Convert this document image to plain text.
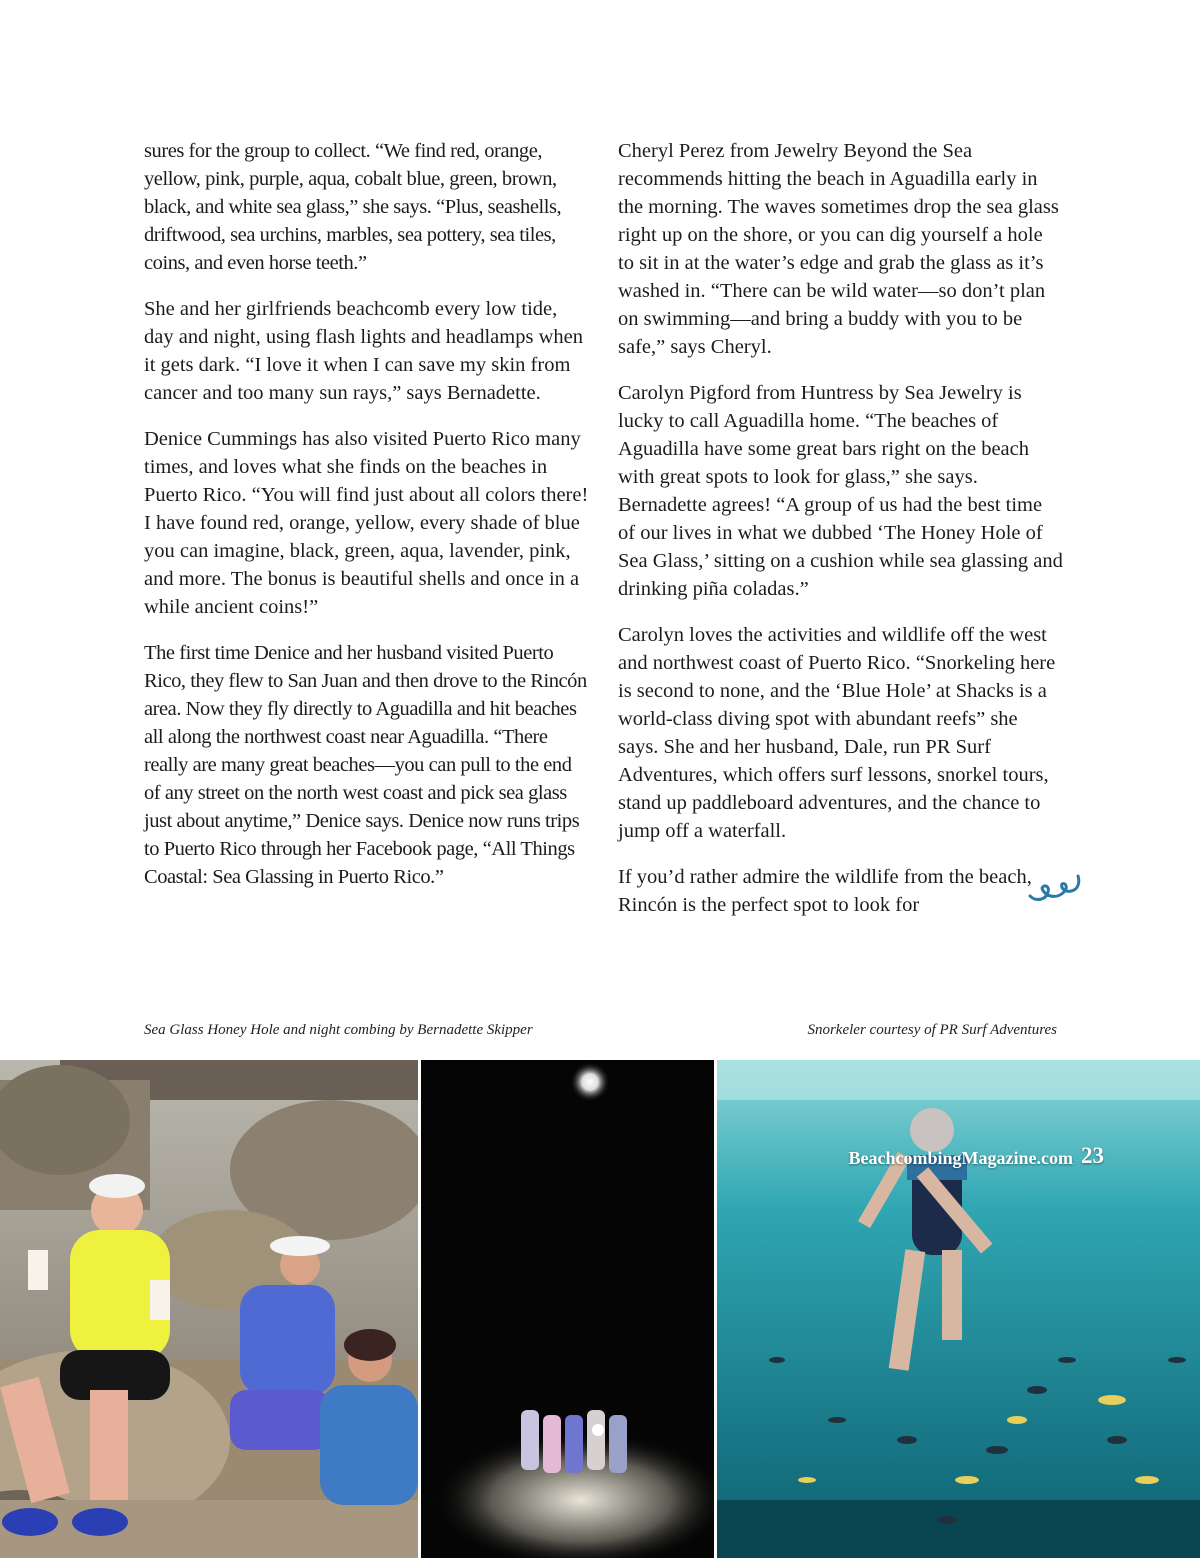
sures for the group to collect. “We find red, orange, yellow, pink, purple, aqua, cobalt blue, green, brown, black, and white sea glass,” she says. “Plus, seashells, driftwood, sea urchins, marbles, sea pottery, sea tiles, coins, and even horse teeth.”

She and her girlfriends beachcomb every low tide, day and night, using flash lights and headlamps when it gets dark. “I love it when I can save my skin from cancer and too many sun rays,” says Bernadette.

Denice Cummings has also visited Puerto Rico many times, and loves what she finds on the beaches in Puerto Rico. “You will find just about all colors there! I have found red, orange, yellow, every shade of blue you can imagine, black, green, aqua, lavender, pink, and more. The bonus is beautiful shells and once in a while ancient coins!”

The first time Denice and her husband visited Puerto Rico, they flew to San Juan and then drove to the Rincón area. Now they fly directly to Aguadilla and hit beaches all along the northwest coast near Aguadilla. “There really are many great beaches—you can pull to the end of any street on the north west coast and pick sea glass just about anytime,” Denice says. Denice now runs trips to Puerto Rico through her Facebook page, “All Things Coastal: Sea Glassing in Puerto Rico.”

Cheryl Perez from Jewelry Beyond the Sea recommends hitting the beach in Aguadilla early in the morning. The waves sometimes drop the sea glass right up on the shore, or you can dig yourself a hole to sit in at the water’s edge and grab the glass as it’s washed in. “There can be wild water—so don’t plan on swimming—and bring a buddy with you to be safe,” says Cheryl.

Carolyn Pigford from Huntress by Sea Jewelry is lucky to call Aguadilla home. “The beaches of Aguadilla have some great bars right on the beach with great spots to look for glass,” she says. Bernadette agrees! “A group of us had the best time of our lives in what we dubbed ‘The Honey Hole of Sea Glass,’ sitting on a cushion while sea glassing and drinking piña coladas.”

Carolyn loves the activities and wildlife off the west and northwest coast of Puerto Rico. “Snorkeling here is second to none, and the ‘Blue Hole’ at Shacks is a world-class diving spot with abundant reefs” she says. She and her husband, Dale, run PR Surf Adventures, which offers surf lessons, snorkel tours, stand up paddleboard adventures, and the chance to jump off a waterfall.

If you’d rather admire the wildlife from the beach, Rincón is the perfect spot to look for

Sea Glass Honey Hole and night combing by Bernadette Skipper	Snorkeler courtesy of PR Surf Adventures
BeachcombingMagazine.com 23
